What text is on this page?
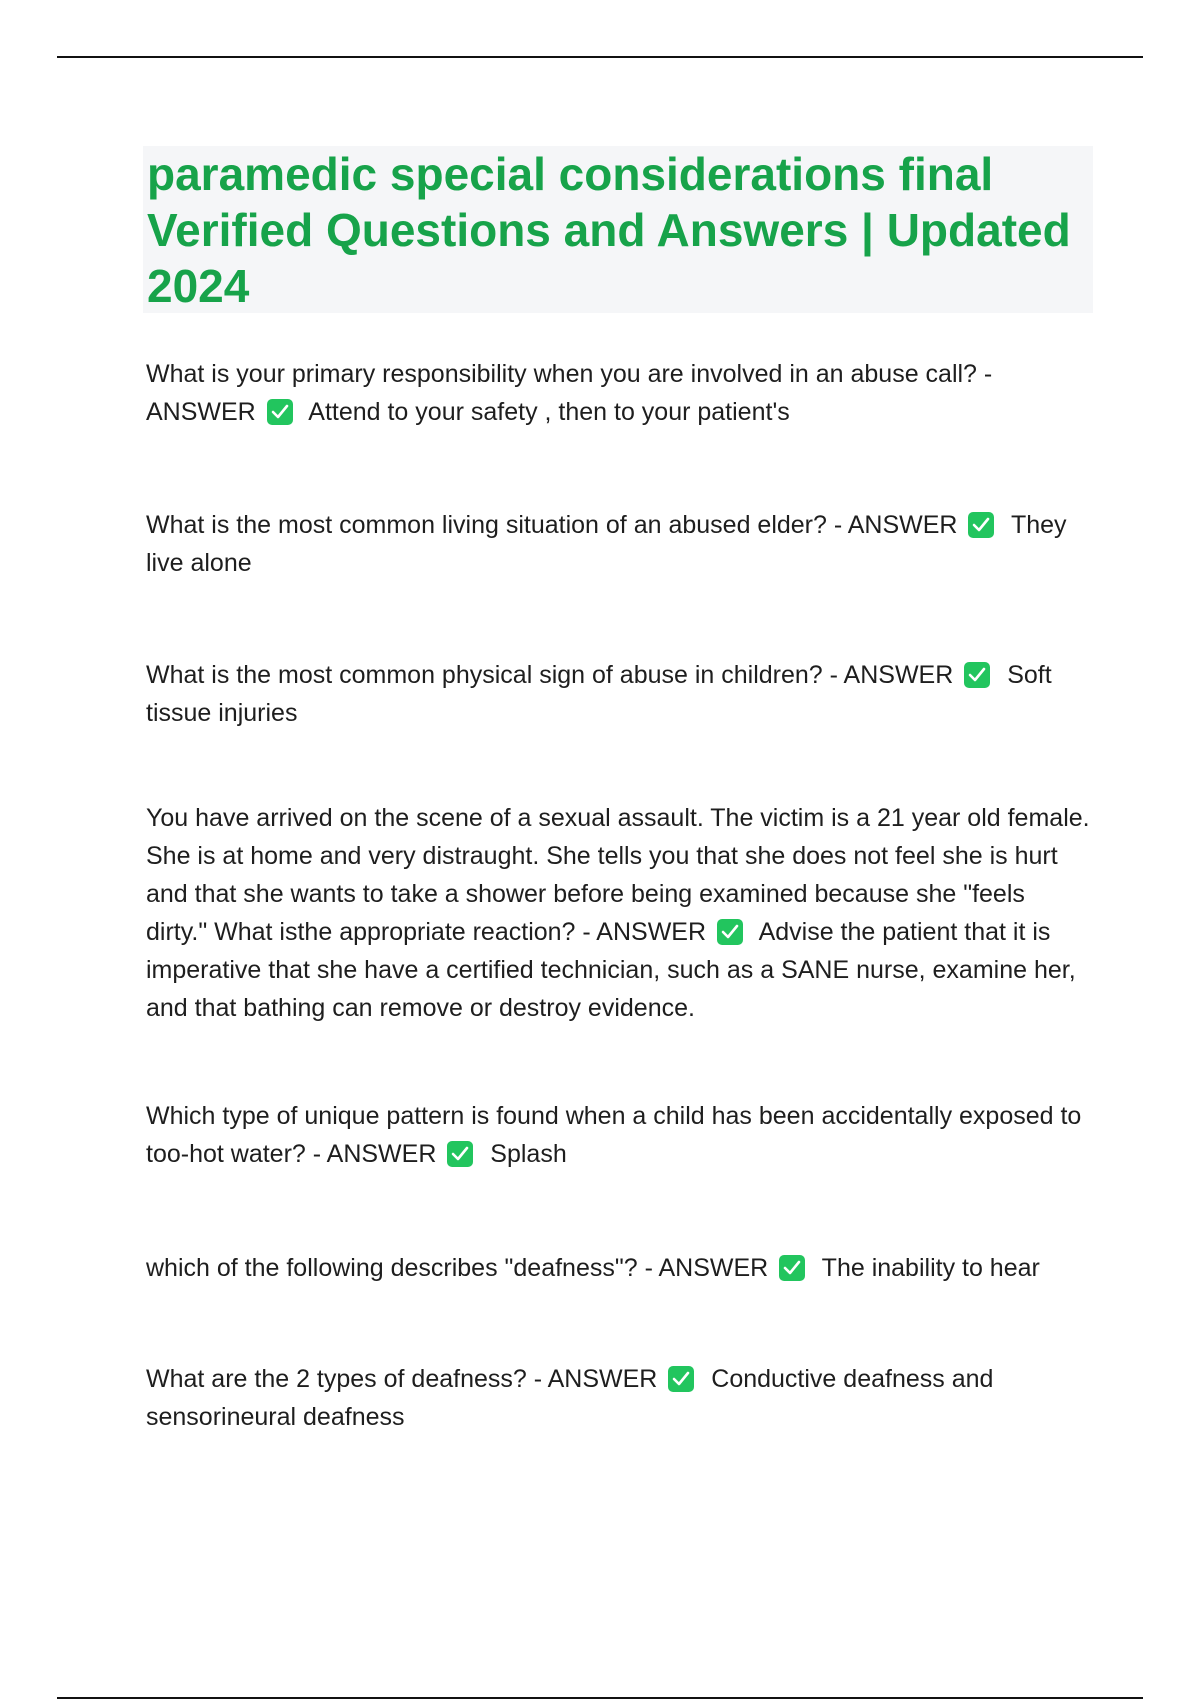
paramedic special considerations final Verified Questions and Answers | Updated 2024

What is your primary responsibility when you are involved in an abuse call? - ANSWER Attend to your safety , then to your patient's

What is the most common living situation of an abused elder? - ANSWER They live alone

What is the most common physical sign of abuse in children? - ANSWER Soft tissue injuries

You have arrived on the scene of a sexual assault. The victim is a 21 year old female. She is at home and very distraught. She tells you that she does not feel she is hurt and that she wants to take a shower before being examined because she "feels dirty." What isthe appropriate reaction? - ANSWER Advise the patient that it is imperative that she have a certified technician, such as a SANE nurse, examine her, and that bathing can remove or destroy evidence.

Which type of unique pattern is found when a child has been accidentally exposed to too-hot water? - ANSWER Splash

which of the following describes "deafness"? - ANSWER The inability to hear

What are the 2 types of deafness? - ANSWER Conductive deafness and sensorineural deafness
